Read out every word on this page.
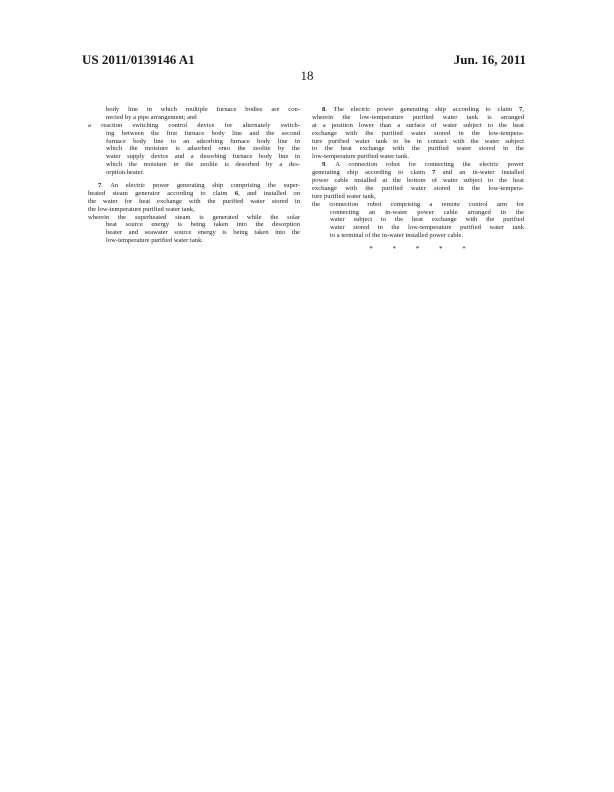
US 2011/0139146 A1	Jun. 16, 2011
18
body line in which multiple furnace bodies are con-
nected by a pipe arrangement; and
a reaction switching control device for alternately switch-
ing between the first furnace body line and the second
furnace body line to an adsorbing furnace body line in
which the moisture is adsorbed onto the zeolite by the
water supply device and a desorbing furnace body line in
which the moisture in the zeolite is desorbed by a des-
orption heater.
7. An electric power generating ship comprising the super-
heated steam generator according to claim 6, and installed on
the water for heat exchange with the purified water stored in
the low-temperature purified water tank,
wherein the superheated steam is generated while the solar
heat source energy is being taken into the desorption
heater and seawater source energy is being taken into the
low-temperature purified water tank.
8. The electric power generating ship according to claim 7,
wherein the low-temperature purified water tank is arranged
at a position lower than a surface of water subject to the heat
exchange with the purified water stored in the low-tempera-
ture purified water tank to be in contact with the water subject
to the heat exchange with the purified water stored in the
low-temperature purified water tank.
9. A connection robot for connecting the electric power
generating ship according to claim 7 and an in-water installed
power cable installed at the bottom of water subject to the heat
exchange with the purified water stored in the low-tempera-
ture purified water tank,
the connection robot comprising a remote control arm for
connecting an in-water power cable arranged in the
water subject to the heat exchange with the purified
water stored in the low-temperature purified water tank
to a terminal of the in-water installed power cable.
* * * * *
